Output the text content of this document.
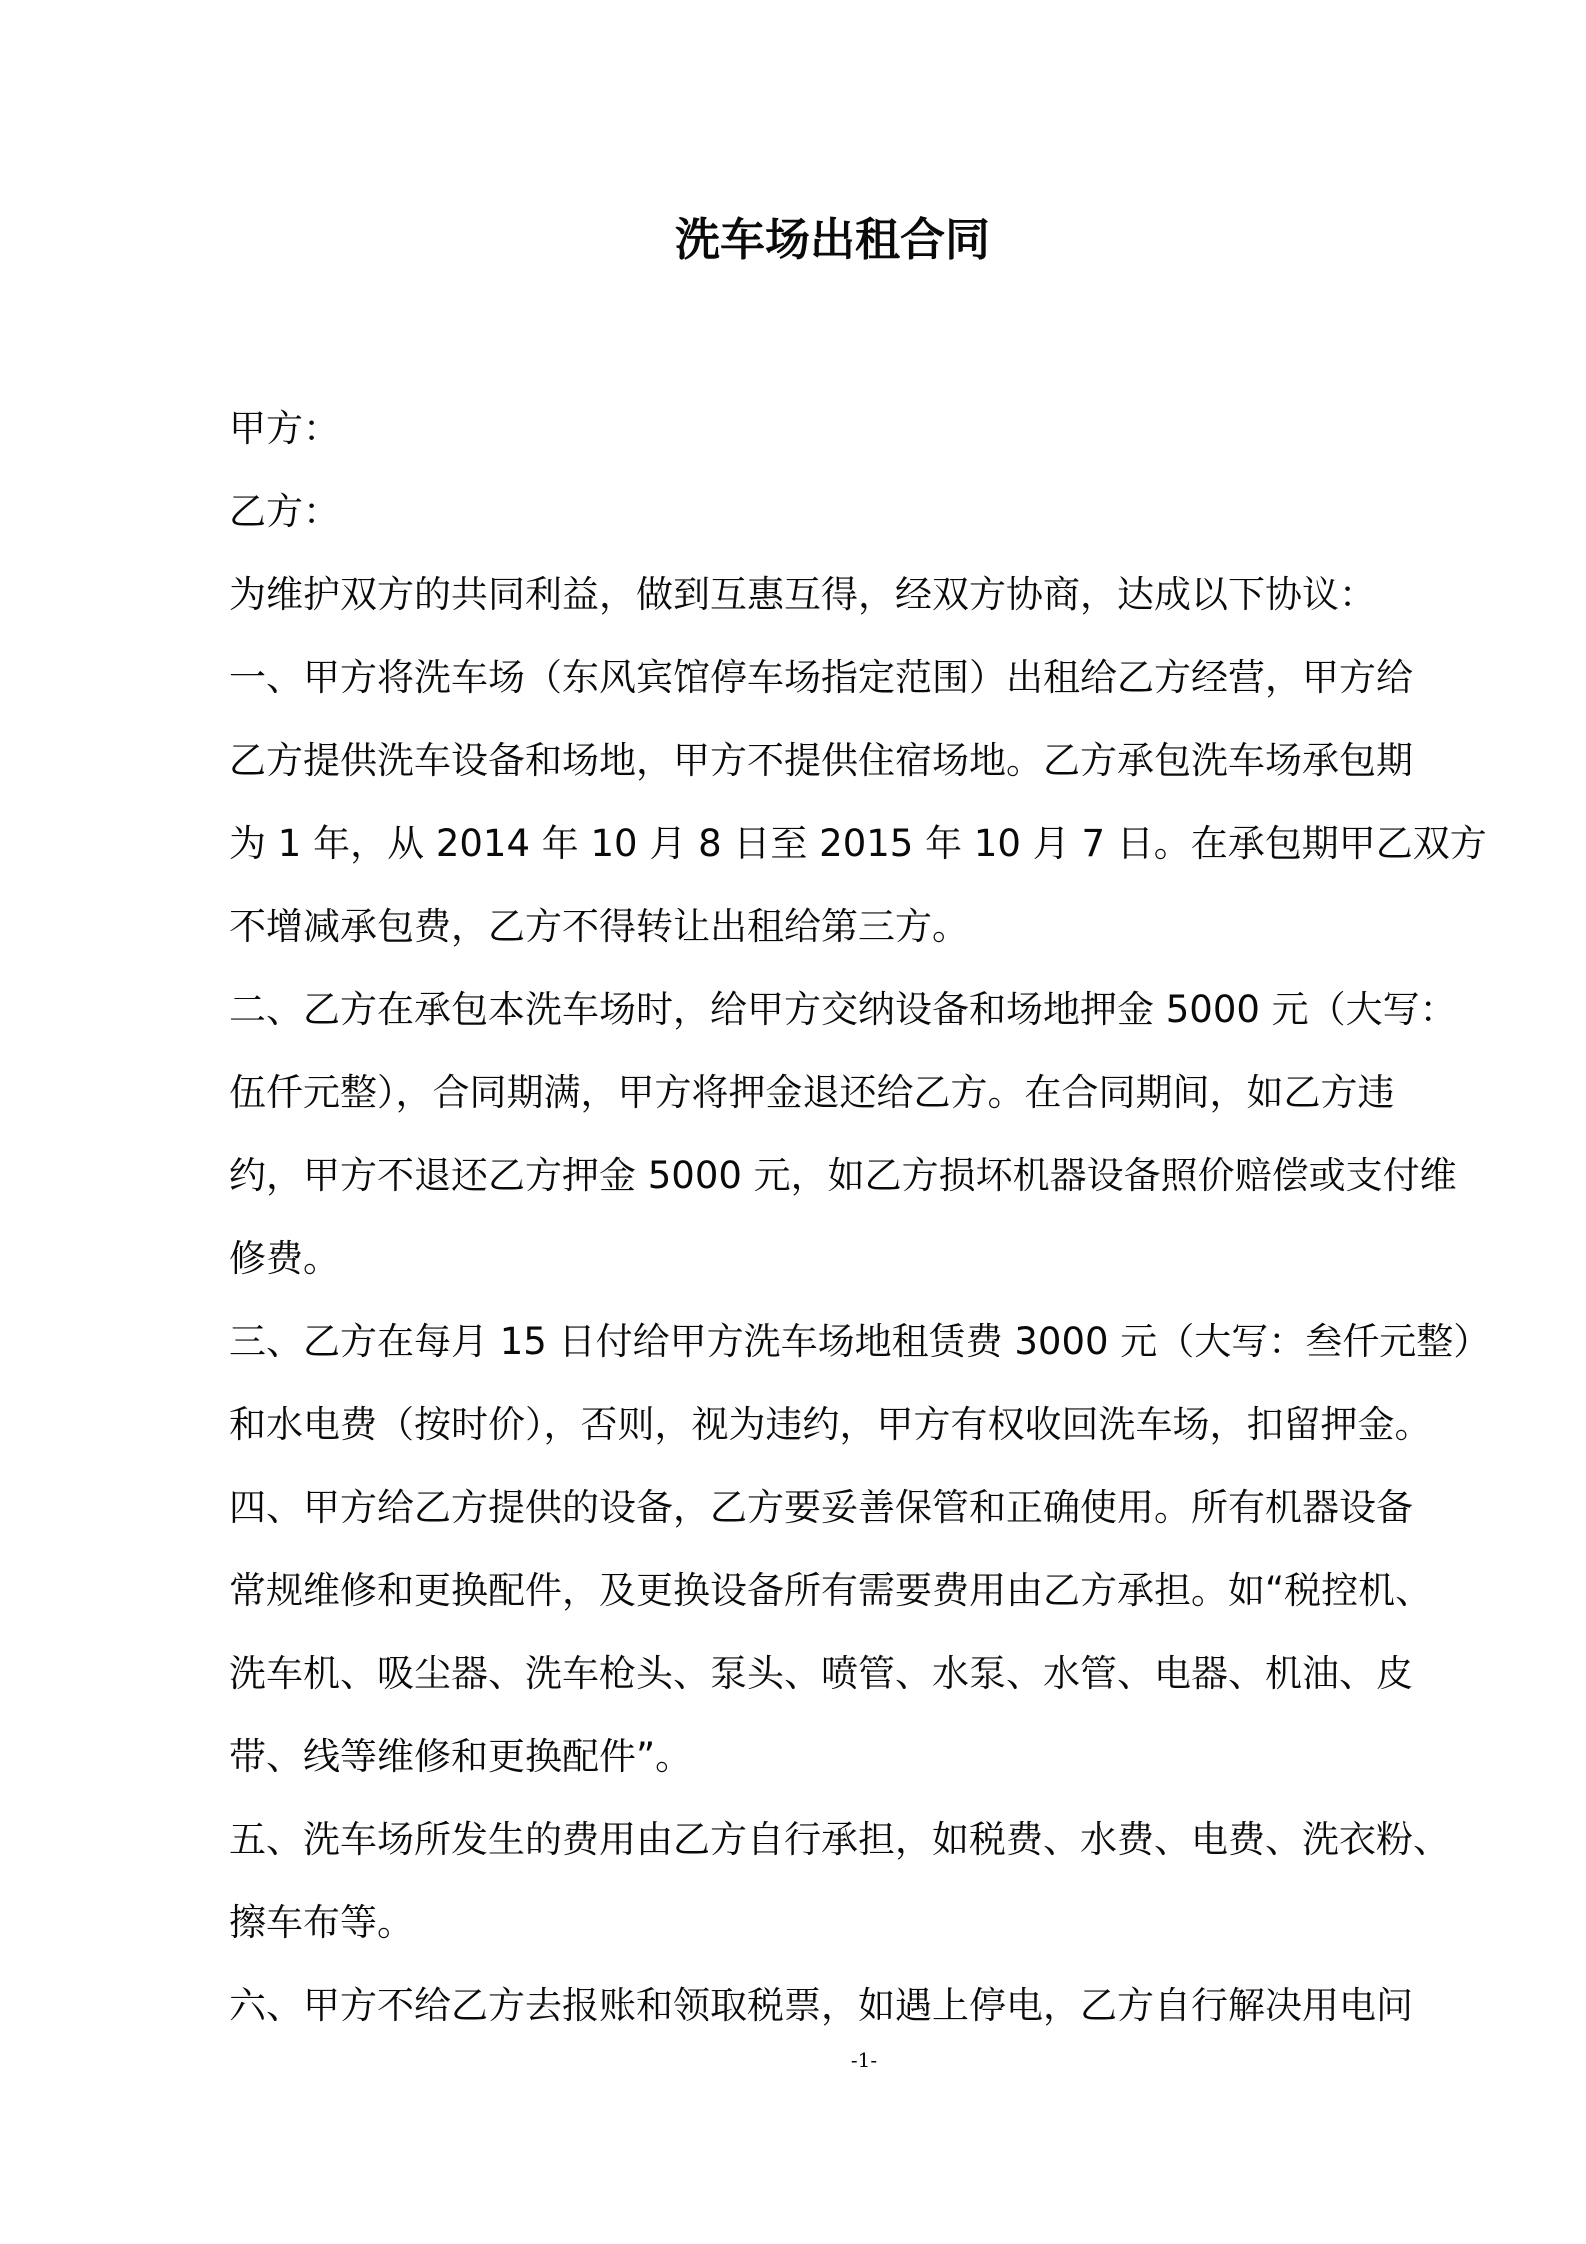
洗车场出租合同
甲方：
乙方：
为维护双方的共同利益，做到互惠互得，经双方协商，达成以下协议：
一、甲方将洗车场（东风宾馆停车场指定范围）出租给乙方经营，甲方给
乙方提供洗车设备和场地，甲方不提供住宿场地。乙方承包洗车场承包期
为 1 年，从 2014 年 10 月 8 日至 2015 年 10 月 7 日。在承包期甲乙双方
不增减承包费，乙方不得转让出租给第三方。
二、乙方在承包本洗车场时，给甲方交纳设备和场地押金 5000 元（大写：
伍仟元整），合同期满，甲方将押金退还给乙方。在合同期间，如乙方违
约，甲方不退还乙方押金 5000 元，如乙方损坏机器设备照价赔偿或支付维
修费。
三、乙方在每月 15 日付给甲方洗车场地租赁费 3000 元（大写：叁仟元整）
和水电费（按时价），否则，视为违约，甲方有权收回洗车场，扣留押金。
四、甲方给乙方提供的设备，乙方要妥善保管和正确使用。所有机器设备
常规维修和更换配件，及更换设备所有需要费用由乙方承担。如“税控机、
洗车机、吸尘器、洗车枪头、泵头、喷管、水泵、水管、电器、机油、皮
带、线等维修和更换配件”。
五、洗车场所发生的费用由乙方自行承担，如税费、水费、电费、洗衣粉、
擦车布等。
六、甲方不给乙方去报账和领取税票，如遇上停电，乙方自行解决用电问
-1-
